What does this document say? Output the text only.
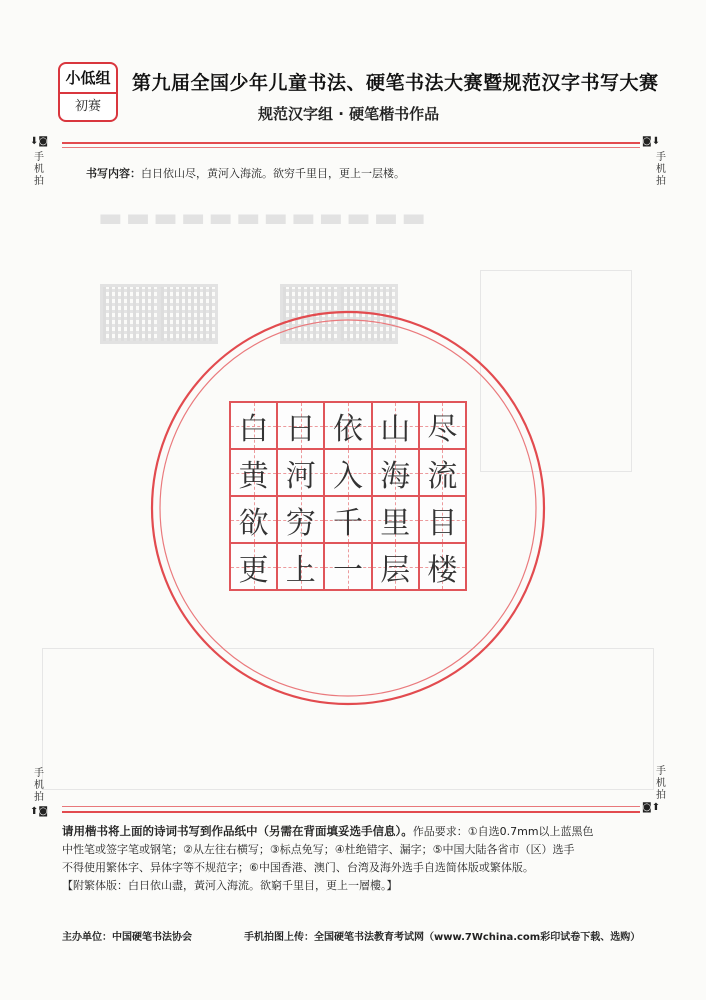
小低组
初赛
第九届全国少年儿童书法、硬笔书法大赛暨规范汉字书写大赛
规范汉字组 · 硬笔楷书作品
⬇◙
手机拍
◙⬇
手机拍
书写内容：白日依山尽，黄河入海流。欲穷千里目，更上一层楼。
▬▬▬▬▬▬▬▬▬▬▬▬
白 日 依 山 尽
黄 河 入 海 流
欲 穷 千 里 目
更 上 一 层 楼
手机拍
⬆◙
手机拍
◙⬆
请用楷书将上面的诗词书写到作品纸中（另需在背面填妥选手信息）。作品要求：①自选0.7mm以上蓝黑色
中性笔或签字笔或钢笔；②从左往右横写；③标点免写；④杜绝错字、漏字；⑤中国大陆各省市（区）选手
不得使用繁体字、异体字等不规范字；⑥中国香港、澳门、台湾及海外选手自选简体版或繁体版。
【附繁体版：白日依山盡，黃河入海流。欲窮千里目，更上一層樓。】
主办单位：中国硬笔书法协会	手机拍图上传：全国硬笔书法教育考试网（www.7Wchina.com彩印试卷下载、选购）
